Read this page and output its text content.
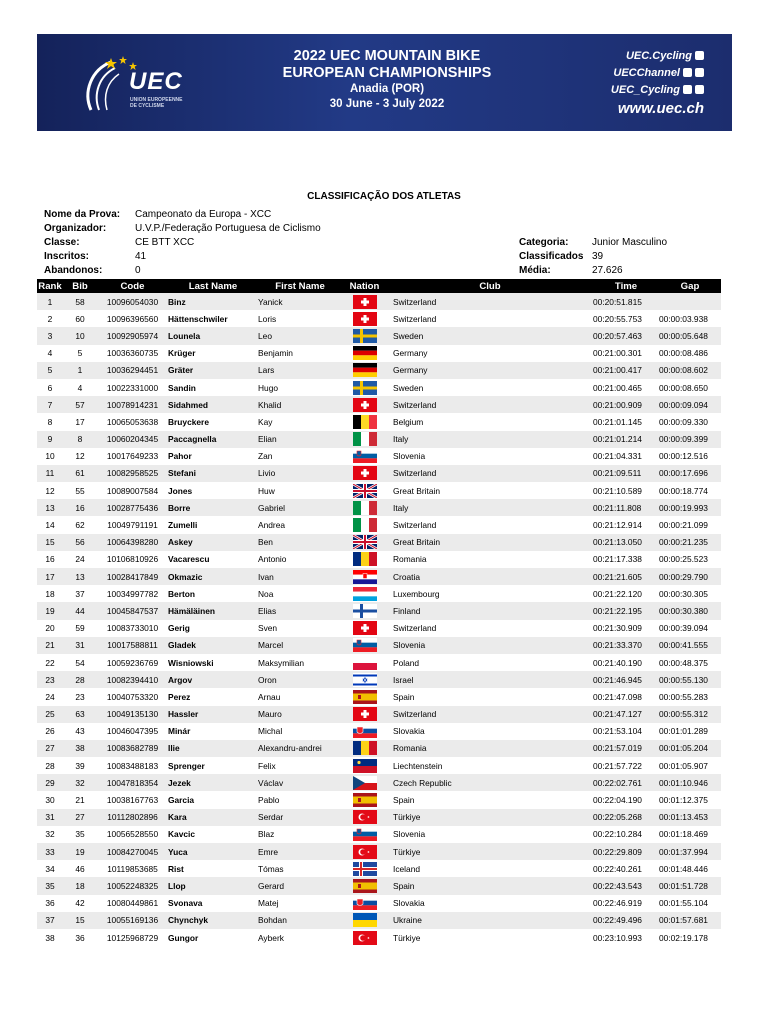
UEC
UNION EUROPEENNE DE CYCLISME
2022 UEC MOUNTAIN BIKE
EUROPEAN CHAMPIONSHIPS
Anadia (POR)
30 June - 3 July 2022
UEC.Cycling
UECChannel
UEC_Cycling
www.uec.ch
CLASSIFICAÇÃO DOS ATLETAS
Nome da Prova: Campeonato da Europa - XCC
Organizador:	U.V.P./Federação Portuguesa de Ciclismo
Classe:	CE BTT XCC
Inscritos:	41
Abandonos:	0
Categoria: Junior Masculino
Classificados 39
Média:	27.626
Rank	Bib	Code	Last Name	First Name	Nation	Club	Time	Gap
1	58	10096054030	Binz	Yanick		Switzerland	00:20:51.815	
2	60	10096396560	Hättenschwiler	Loris		Switzerland	00:20:55.753	00:00:03.938
3	10	10092905974	Lounela	Leo		Sweden	00:20:57.463	00:00:05.648
4	5	10036360735	Krüger	Benjamin		Germany	00:21:00.301	00:00:08.486
5	1	10036294451	Gräter	Lars		Germany	00:21:00.417	00:00:08.602
6	4	10022331000	Sandin	Hugo		Sweden	00:21:00.465	00:00:08.650
7	57	10078914231	Sidahmed	Khalid		Switzerland	00:21:00.909	00:00:09.094
8	17	10065053638	Bruyckere	Kay		Belgium	00:21:01.145	00:00:09.330
9	8	10060204345	Paccagnella	Elian		Italy	00:21:01.214	00:00:09.399
10	12	10017649233	Pahor	Zan		Slovenia	00:21:04.331	00:00:12.516
11	61	10082958525	Stefani	Livio		Switzerland	00:21:09.511	00:00:17.696
12	55	10089007584	Jones	Huw		Great Britain	00:21:10.589	00:00:18.774
13	16	10028775436	Borre	Gabriel		Italy	00:21:11.808	00:00:19.993
14	62	10049791191	Zumelli	Andrea		Switzerland	00:21:12.914	00:00:21.099
15	56	10064398280	Askey	Ben		Great Britain	00:21:13.050	00:00:21.235
16	24	10106810926	Vacarescu	Antonio		Romania	00:21:17.338	00:00:25.523
17	13	10028417849	Okmazic	Ivan		Croatia	00:21:21.605	00:00:29.790
18	37	10034997782	Berton	Noa		Luxembourg	00:21:22.120	00:00:30.305
19	44	10045847537	Hämäläinen	Elias		Finland	00:21:22.195	00:00:30.380
20	59	10083733010	Gerig	Sven		Switzerland	00:21:30.909	00:00:39.094
21	31	10017588811	Gladek	Marcel		Slovenia	00:21:33.370	00:00:41.555
22	54	10059236769	Wisniowski	Maksymilian		Poland	00:21:40.190	00:00:48.375
23	28	10082394410	Argov	Oron		Israel	00:21:46.945	00:00:55.130
24	23	10040753320	Perez	Arnau		Spain	00:21:47.098	00:00:55.283
25	63	10049135130	Hassler	Mauro		Switzerland	00:21:47.127	00:00:55.312
26	43	10046047395	Minár	Michal		Slovakia	00:21:53.104	00:01:01.289
27	38	10083682789	Ilie	Alexandru-andrei		Romania	00:21:57.019	00:01:05.204
28	39	10083488183	Sprenger	Felix		Liechtenstein	00:21:57.722	00:01:05.907
29	32	10047818354	Jezek	Václav		Czech Republic	00:22:02.761	00:01:10.946
30	21	10038167763	Garcia	Pablo		Spain	00:22:04.190	00:01:12.375
31	27	10112802896	Kara	Serdar		Türkiye	00:22:05.268	00:01:13.453
32	35	10056528550	Kavcic	Blaz		Slovenia	00:22:10.284	00:01:18.469
33	19	10084270045	Yuca	Emre		Türkiye	00:22:29.809	00:01:37.994
34	46	10119853685	Rist	Tómas		Iceland	00:22:40.261	00:01:48.446
35	18	10052248325	Llop	Gerard		Spain	00:22:43.543	00:01:51.728
36	42	10080449861	Svonava	Matej		Slovakia	00:22:46.919	00:01:55.104
37	15	10055169136	Chynchyk	Bohdan		Ukraine	00:22:49.496	00:01:57.681
38	36	10125968729	Gungor	Ayberk		Türkiye	00:23:10.993	00:02:19.178
